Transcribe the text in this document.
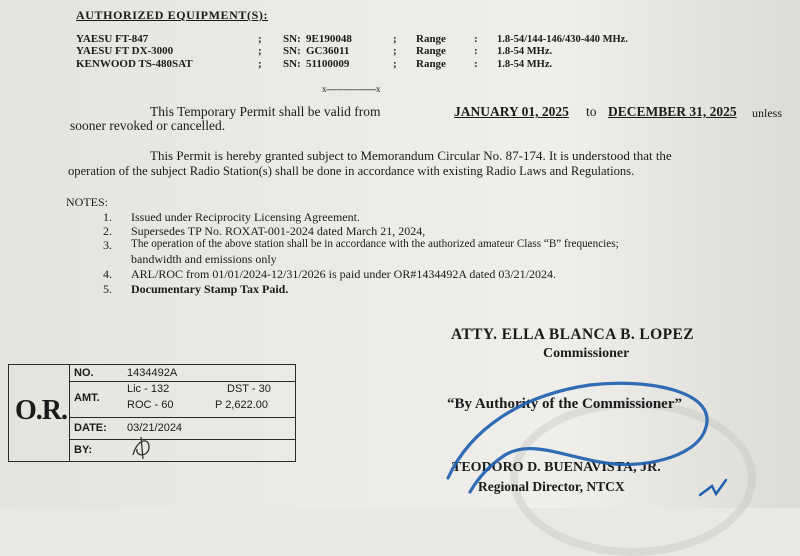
AUTHORIZED EQUIPMENT(S):
YAESU FT-847	; SN: 9E190048	; Range	: 1.8-54/144-146/430-440 MHz.
YAESU FT DX-3000	; SN: GC36011	; Range	: 1.8-54 MHz.
KENWOOD TS-480SAT	; SN: 51100009	; Range	: 1.8-54 MHz.
x--------------------x
This Temporary Permit shall be valid from	JANUARY 01, 2025 to DECEMBER 31, 2025 unless
sooner revoked or cancelled.
This Permit is hereby granted subject to Memorandum Circular No. 87-174. It is understood that the
operation of the subject Radio Station(s) shall be done in accordance with existing Radio Laws and Regulations.
NOTES:
1. Issued under Reciprocity Licensing Agreement.
2. Supersedes TP No. ROXAT-001-2024 dated March 21, 2024,
3. The operation of the above station shall be in accordance with the authorized amateur Class “B” frequencies;
bandwidth and emissions only
4. ARL/ROC from 01/01/2024-12/31/2026 is paid under OR#1434492A dated 03/21/2024.
5. Documentary Stamp Tax Paid.
ATTY. ELLA BLANCA B. LOPEZ
Commissioner
“By Authority of the Commissioner”
TEODORO D. BUENAVISTA, JR.
Regional Director, NTCX
O.R.
NO.	1434492A
AMT.
Lic - 132	DST - 30
ROC - 60	P 2,622.00
DATE: 03/21/2024
BY:
